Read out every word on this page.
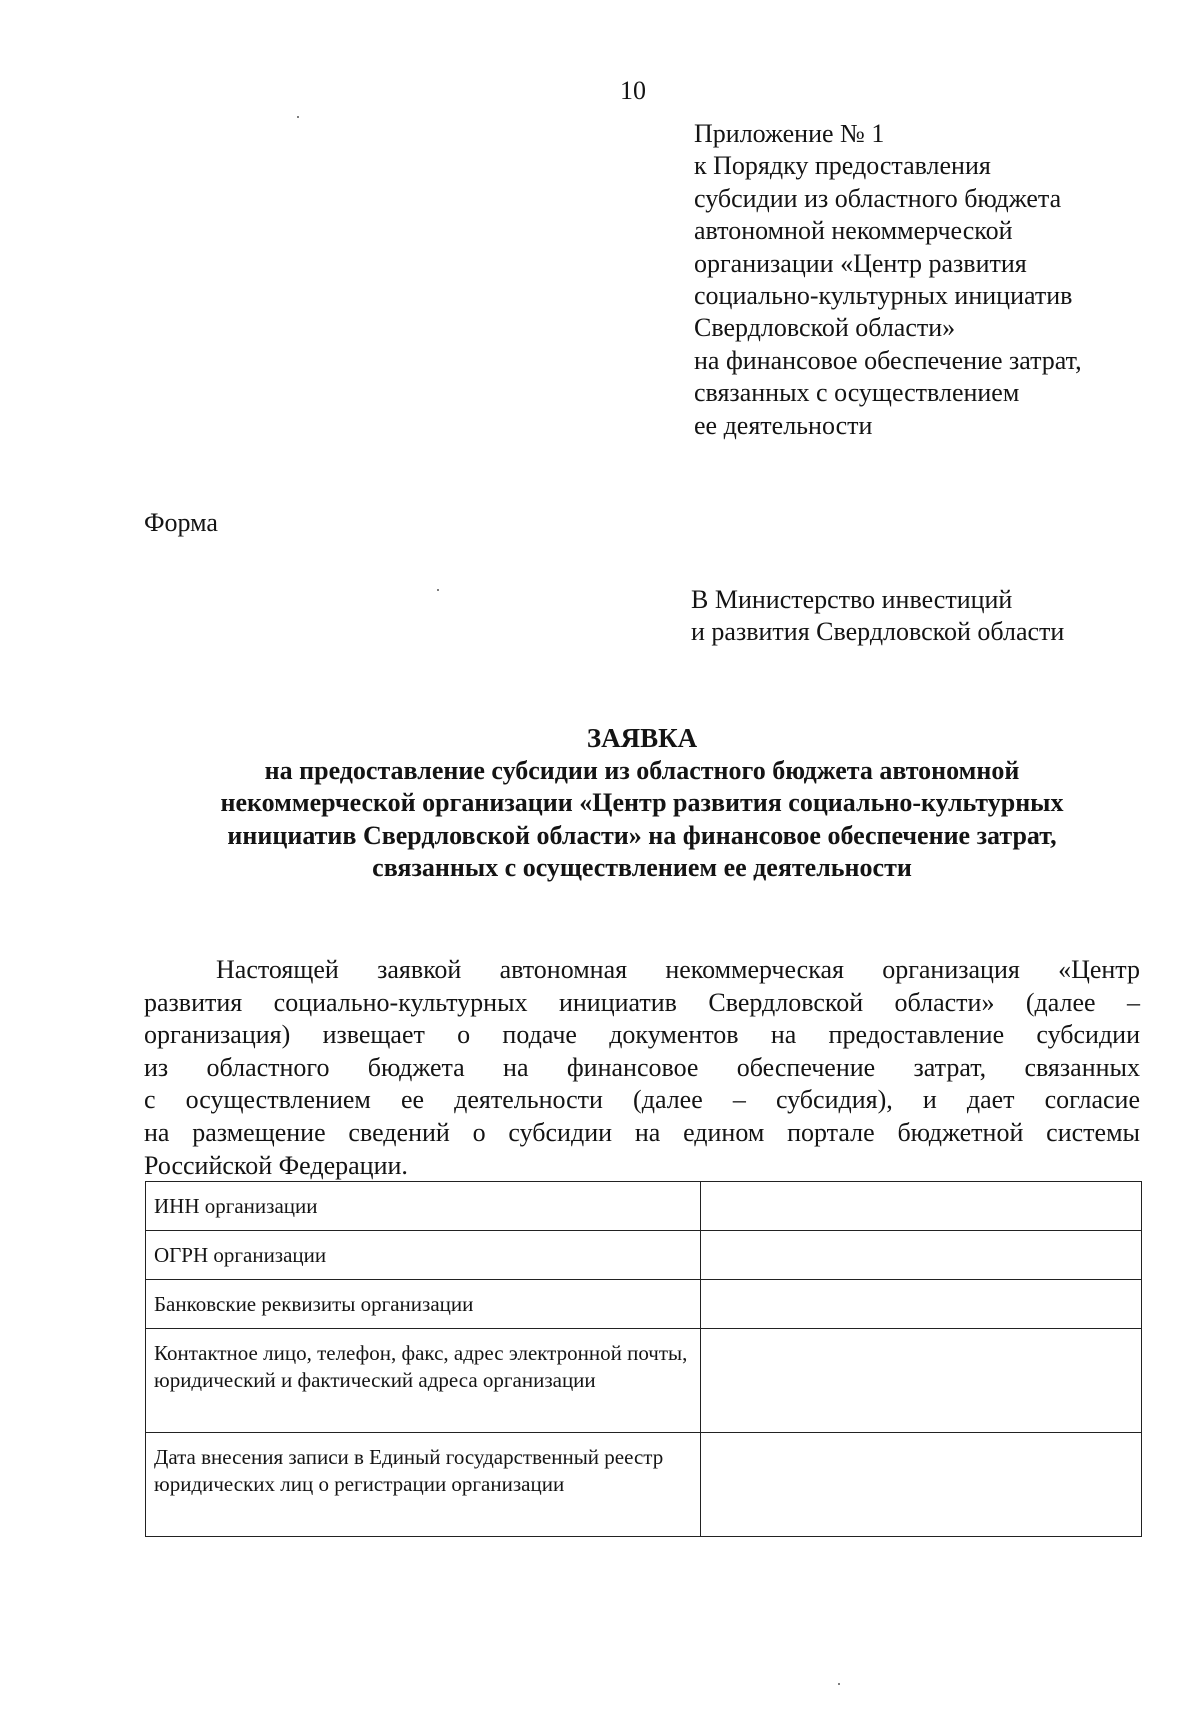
10
Приложение № 1
к Порядку предоставления
субсидии из областного бюджета
автономной некоммерческой
организации «Центр развития
социально-культурных инициатив
Свердловской области»
на финансовое обеспечение затрат,
связанных с осуществлением
ее деятельности
Форма
В Министерство инвестиций
и развития Свердловской области
ЗАЯВКА
на предоставление субсидии из областного бюджета автономной
некоммерческой организации «Центр развития социально-культурных
инициатив Свердловской области» на финансовое обеспечение затрат,
связанных с осуществлением ее деятельности
Настоящей заявкой автономная некоммерческая организация «Центр
развития социально-культурных инициатив Свердловской области» (далее –
организация) извещает о подаче документов на предоставление субсидии
из областного бюджета на финансовое обеспечение затрат, связанных
с осуществлением ее деятельности (далее – субсидия), и дает согласие
на размещение сведений о субсидии на едином портале бюджетной системы
Российской Федерации.
ИНН организации	
ОГРН организации	
Банковские реквизиты организации	
Контактное лицо, телефон, факс, адрес электронной почты, юридический и фактический адреса организации	
Дата внесения записи в Единый государственный реестр юридических лиц о регистрации организации	
